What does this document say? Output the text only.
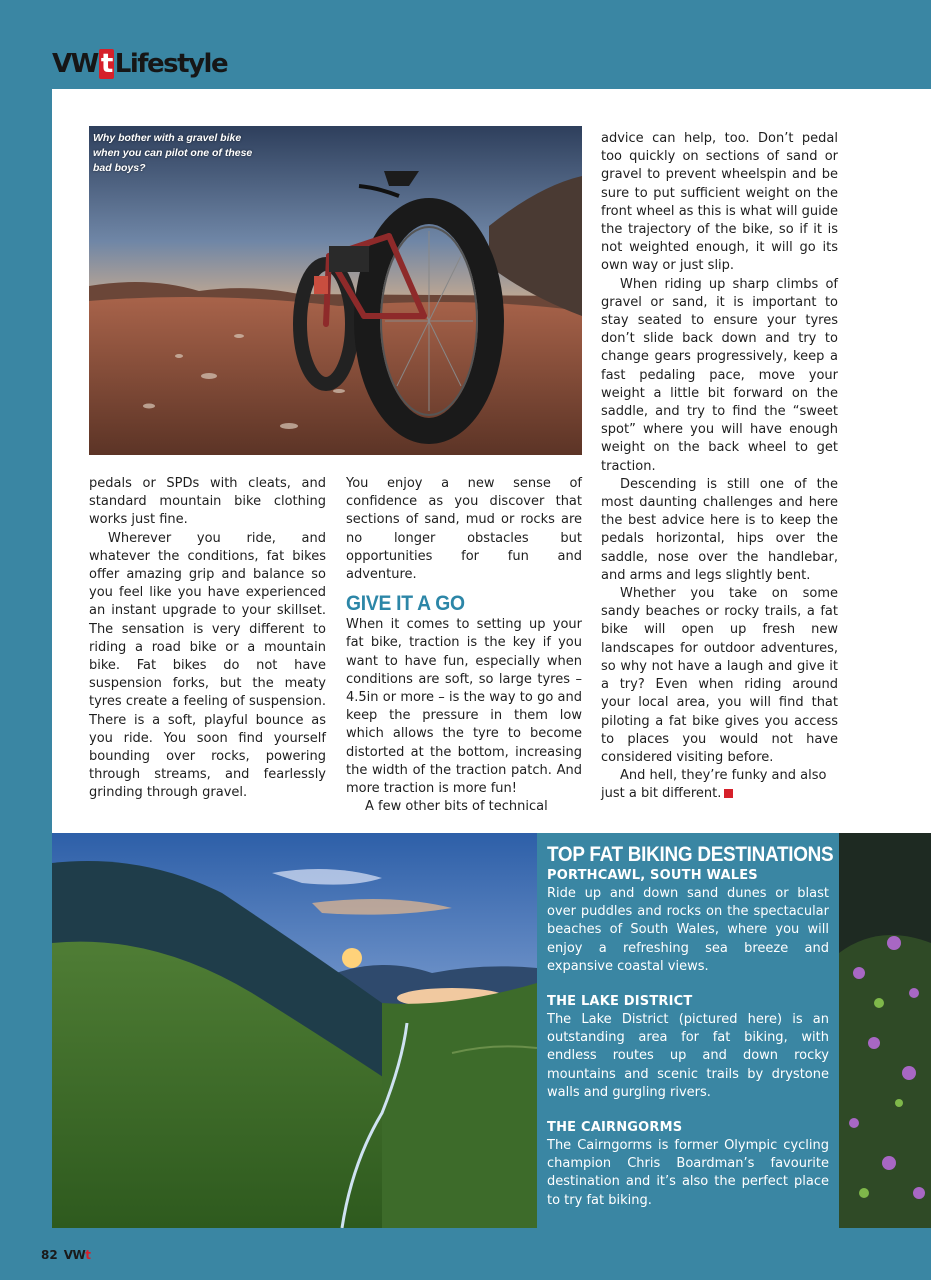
VW t Lifestyle
Why bother with a gravel bike when you can pilot one of these bad boys?

pedals or SPDs with cleats, and standard mountain bike clothing works just fine.

Wherever you ride, and whatever the conditions, fat bikes offer amazing grip and balance so you feel like you have experienced an instant upgrade to your skillset. The sensation is very different to riding a road bike or a mountain bike. Fat bikes do not have suspension forks, but the meaty tyres create a feeling of suspension. There is a soft, playful bounce as you ride. You soon find yourself bounding over rocks, powering through streams, and fearlessly grinding through gravel.

You enjoy a new sense of confidence as you discover that sections of sand, mud or rocks are no longer obstacles but opportunities for fun and adventure.

GIVE IT A GO

When it comes to setting up your fat bike, traction is the key if you want to have fun, especially when conditions are soft, so large tyres – 4.5in or more – is the way to go and keep the pressure in them low which allows the tyre to become distorted at the bottom, increasing the width of the traction patch. And more traction is more fun!

A few other bits of technical

advice can help, too. Don’t pedal too quickly on sections of sand or gravel to prevent wheelspin and be sure to put sufficient weight on the front wheel as this is what will guide the trajectory of the bike, so if it is not weighted enough, it will go its own way or just slip.

When riding up sharp climbs of gravel or sand, it is important to stay seated to ensure your tyres don’t slide back down and try to change gears progressively, keep a fast pedaling pace, move your weight a little bit forward on the saddle, and try to find the “sweet spot” where you will have enough weight on the back wheel to get traction.

Descending is still one of the most daunting challenges and here the best advice here is to keep the pedals horizontal, hips over the saddle, nose over the handlebar, and arms and legs slightly bent.

Whether you take on some sandy beaches or rocky trails, a fat bike will open up fresh new landscapes for outdoor adventures, so why not have a laugh and give it a try? Even when riding around your local area, you will find that piloting a fat bike gives you access to places you would not have considered visiting before.

And hell, they’re funky and also just a bit different.

TOP FAT BIKING DESTINATIONS
PORTHCAWL, SOUTH WALES

Ride up and down sand dunes or blast over puddles and rocks on the spectacular beaches of South Wales, where you will enjoy a refreshing sea breeze and expansive coastal views.

THE LAKE DISTRICT

The Lake District (pictured here) is an outstanding area for fat biking, with endless routes up and down rocky mountains and scenic trails by drystone walls and gurgling rivers.

THE CAIRNGORMS

The Cairngorms is former Olympic cycling champion Chris Boardman’s favourite destination and it’s also the perfect place to try fat biking.

82 VWt
